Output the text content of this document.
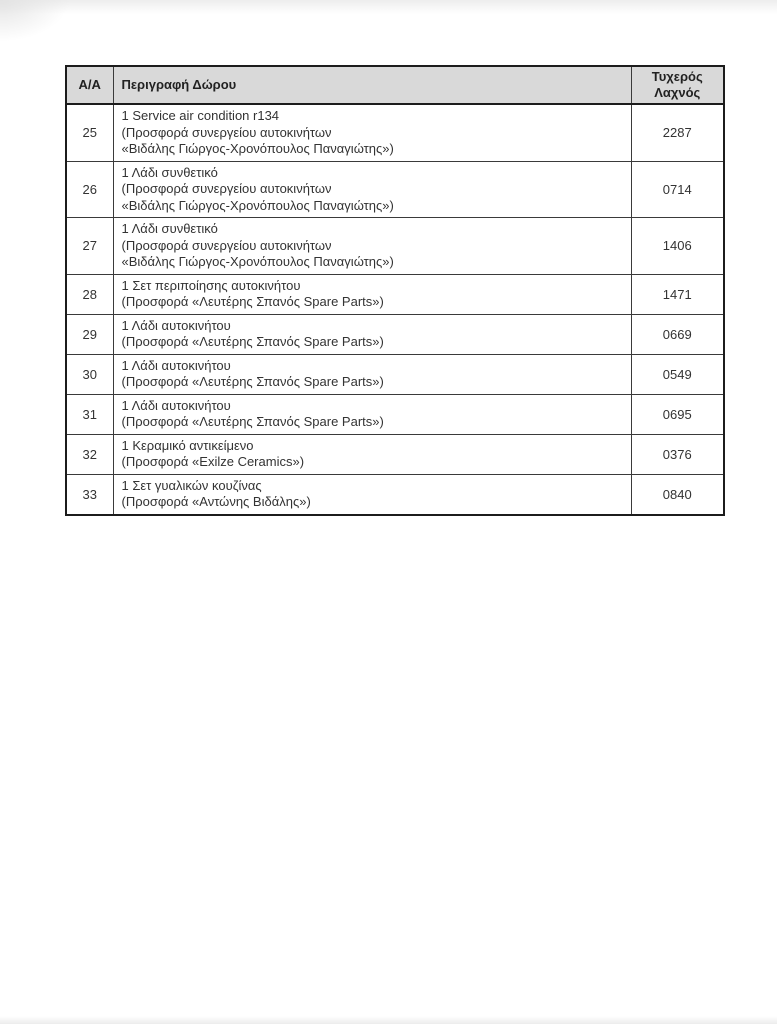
A/A	Περιγραφή Δώρου	Τυχερός Λαχνός
25	1 Service air condition r134
(Προσφορά συνεργείου αυτοκινήτων
«Βιδάλης Γιώργος-Χρονόπουλος Παναγιώτης»)	2287
26	1 Λάδι συνθετικό
(Προσφορά συνεργείου αυτοκινήτων
«Βιδάλης Γιώργος-Χρονόπουλος Παναγιώτης»)	0714
27	1 Λάδι συνθετικό
(Προσφορά συνεργείου αυτοκινήτων
«Βιδάλης Γιώργος-Χρονόπουλος Παναγιώτης»)	1406
28	1 Σετ περιποίησης αυτοκινήτου
(Προσφορά «Λευτέρης Σπανός Spare Parts»)	1471
29	1 Λάδι αυτοκινήτου
(Προσφορά «Λευτέρης Σπανός Spare Parts»)	0669
30	1 Λάδι αυτοκινήτου
(Προσφορά «Λευτέρης Σπανός Spare Parts»)	0549
31	1 Λάδι αυτοκινήτου
(Προσφορά «Λευτέρης Σπανός Spare Parts»)	0695
32	1 Κεραμικό αντικείμενο
(Προσφορά «Exilze Ceramics»)	0376
33	1 Σετ γυαλικών κουζίνας
(Προσφορά «Αντώνης Βιδάλης»)	0840
